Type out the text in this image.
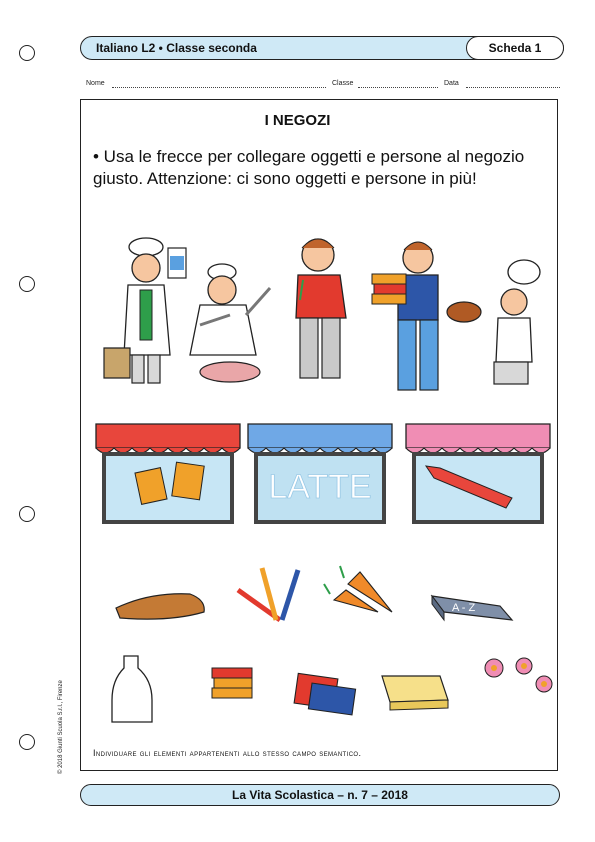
Italiano L2 • Classe seconda	Scheda 1
Nome	Classe	Data
I NEGOZI
• Usa le frecce per collegare oggetti e persone al negozio giusto. Attenzione: ci sono oggetti e persone in più!
LATTE
A - Z
Individuare gli elementi appartenenti allo stesso campo semantico.
© 2018 Giunti Scuola S.r.l., Firenze
La Vita Scolastica – n. 7 – 2018
